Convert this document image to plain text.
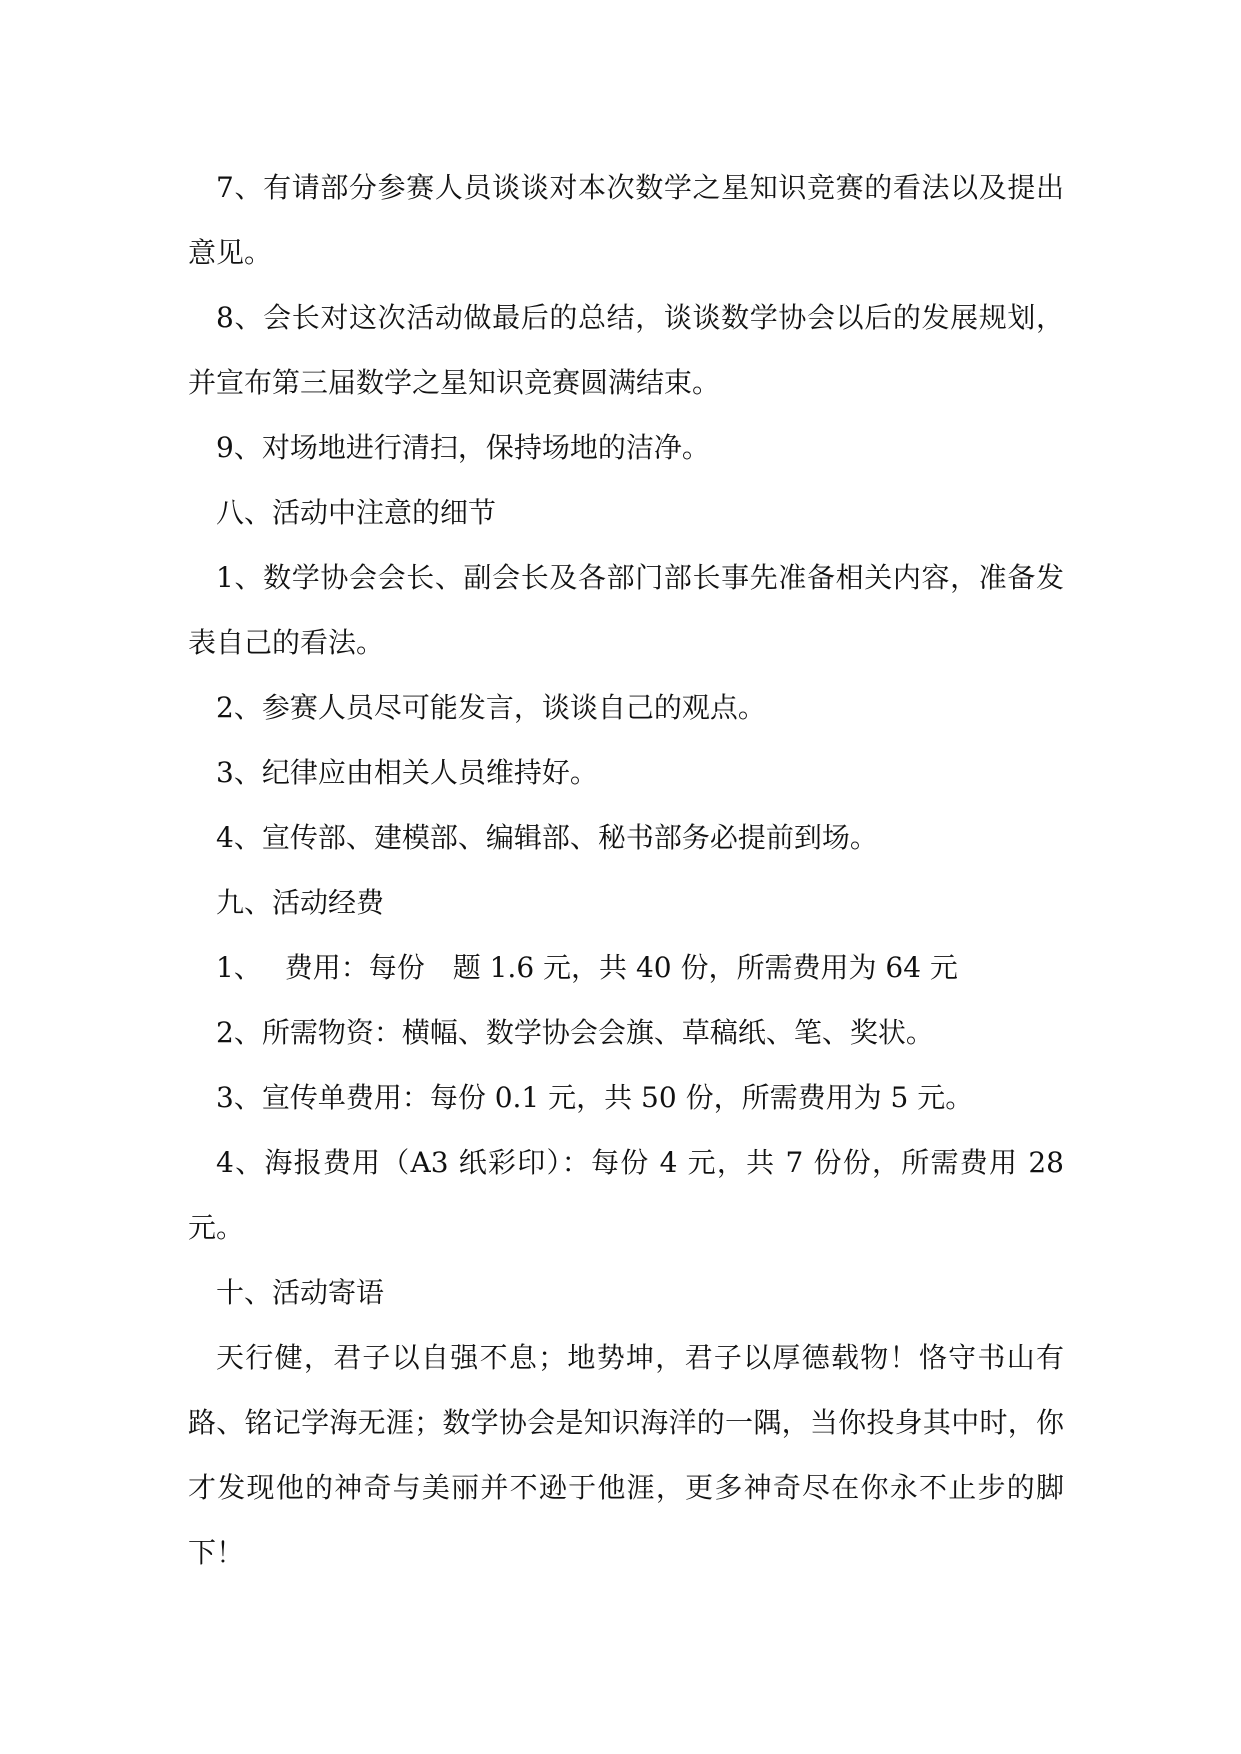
7、有请部分参赛人员谈谈对本次数学之星知识竞赛的看法以及提出意见。

8、会长对这次活动做最后的总结，谈谈数学协会以后的发展规划，并宣布第三届数学之星知识竞赛圆满结束。

9、对场地进行清扫，保持场地的洁净。

八、活动中注意的细节

1、数学协会会长、副会长及各部门部长事先准备相关内容，准备发表自己的看法。

2、参赛人员尽可能发言，谈谈自己的观点。

3、纪律应由相关人员维持好。

4、宣传部、建模部、编辑部、秘书部务必提前到场。

九、活动经费

1、　 费用：每份　题 1.6 元，共 40 份，所需费用为 64 元

2、所需物资：横幅、数学协会会旗、草稿纸、笔、奖状。

3、宣传单费用：每份 0.1 元，共 50 份，所需费用为 5 元。

4、海报费用（A3 纸彩印）：每份 4 元，共 7 份份，所需费用 28 元。

十、活动寄语

天行健，君子以自强不息；地势坤，君子以厚德载物！恪守书山有路、铭记学海无涯；数学协会是知识海洋的一隅，当你投身其中时，你才发现他的神奇与美丽并不逊于他涯，更多神奇尽在你永不止步的脚下！
